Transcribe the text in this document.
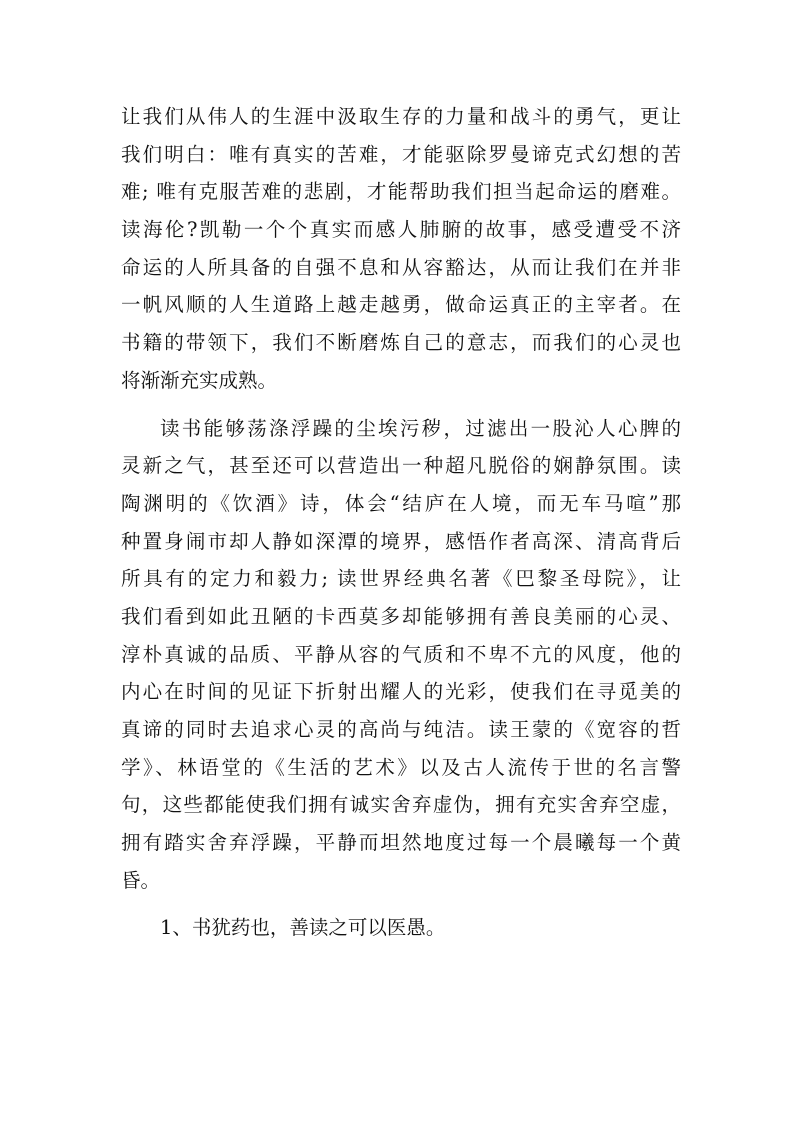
让我们从伟人的生涯中汲取生存的力量和战斗的勇气，更让
我们明白：唯有真实的苦难，才能驱除罗曼谛克式幻想的苦
难; 唯有克服苦难的悲剧，才能帮助我们担当起命运的磨难。
读海伦?凯勒一个个真实而感人肺腑的故事，感受遭受不济
命运的人所具备的自强不息和从容豁达，从而让我们在并非
一帆风顺的人生道路上越走越勇，做命运真正的主宰者。在
书籍的带领下，我们不断磨炼自己的意志，而我们的心灵也
将渐渐充实成熟。
读书能够荡涤浮躁的尘埃污秽，过滤出一股沁人心脾的
灵新之气，甚至还可以营造出一种超凡脱俗的娴静氛围。读
陶渊明的《饮酒》诗，体会“结庐在人境，而无车马喧”那
种置身闹市却人静如深潭的境界，感悟作者高深、清高背后
所具有的定力和毅力; 读世界经典名著《巴黎圣母院》，让
我们看到如此丑陋的卡西莫多却能够拥有善良美丽的心灵、
淳朴真诚的品质、平静从容的气质和不卑不亢的风度，他的
内心在时间的见证下折射出耀人的光彩，使我们在寻觅美的
真谛的同时去追求心灵的高尚与纯洁。读王蒙的《宽容的哲
学》、林语堂的《生活的艺术》以及古人流传于世的名言警
句，这些都能使我们拥有诚实舍弃虚伪，拥有充实舍弃空虚，
拥有踏实舍弃浮躁，平静而坦然地度过每一个晨曦每一个黄
昏。
1、书犹药也，善读之可以医愚。
